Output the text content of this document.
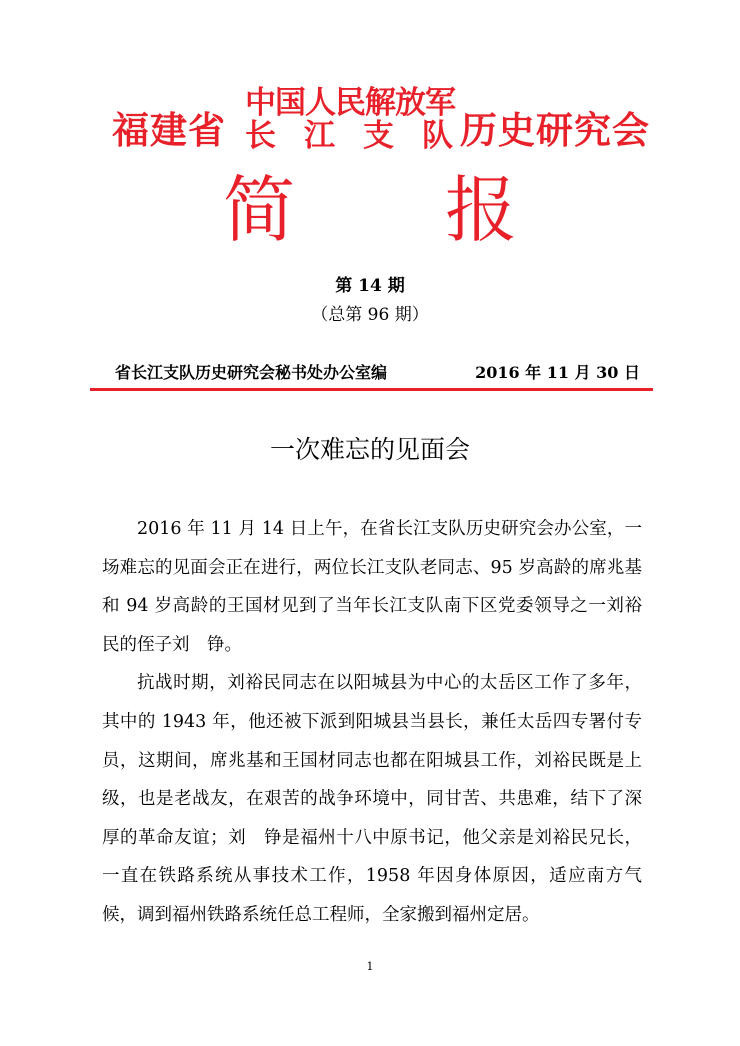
福建省
中国人民解放军
长江支队
历史研究会
简报
第 14 期
（总第 96 期）
省长江支队历史研究会秘书处办公室编	2016 年 11 月 30 日
一次难忘的见面会

2016 年 11 月 14 日上午，在省长江支队历史研究会办公室，一场难忘的见面会正在进行，两位长江支队老同志、95 岁高龄的席兆基和 94 岁高龄的王国材见到了当年长江支队南下区党委领导之一刘裕民的侄子刘　铮。

抗战时期，刘裕民同志在以阳城县为中心的太岳区工作了多年，其中的 1943 年，他还被下派到阳城县当县长，兼任太岳四专署付专员，这期间，席兆基和王国材同志也都在阳城县工作，刘裕民既是上级，也是老战友，在艰苦的战争环境中，同甘苦、共患难，结下了深厚的革命友谊；刘　铮是福州十八中原书记，他父亲是刘裕民兄长，一直在铁路系统从事技术工作，1958 年因身体原因，适应南方气候，调到福州铁路系统任总工程师，全家搬到福州定居。

1
